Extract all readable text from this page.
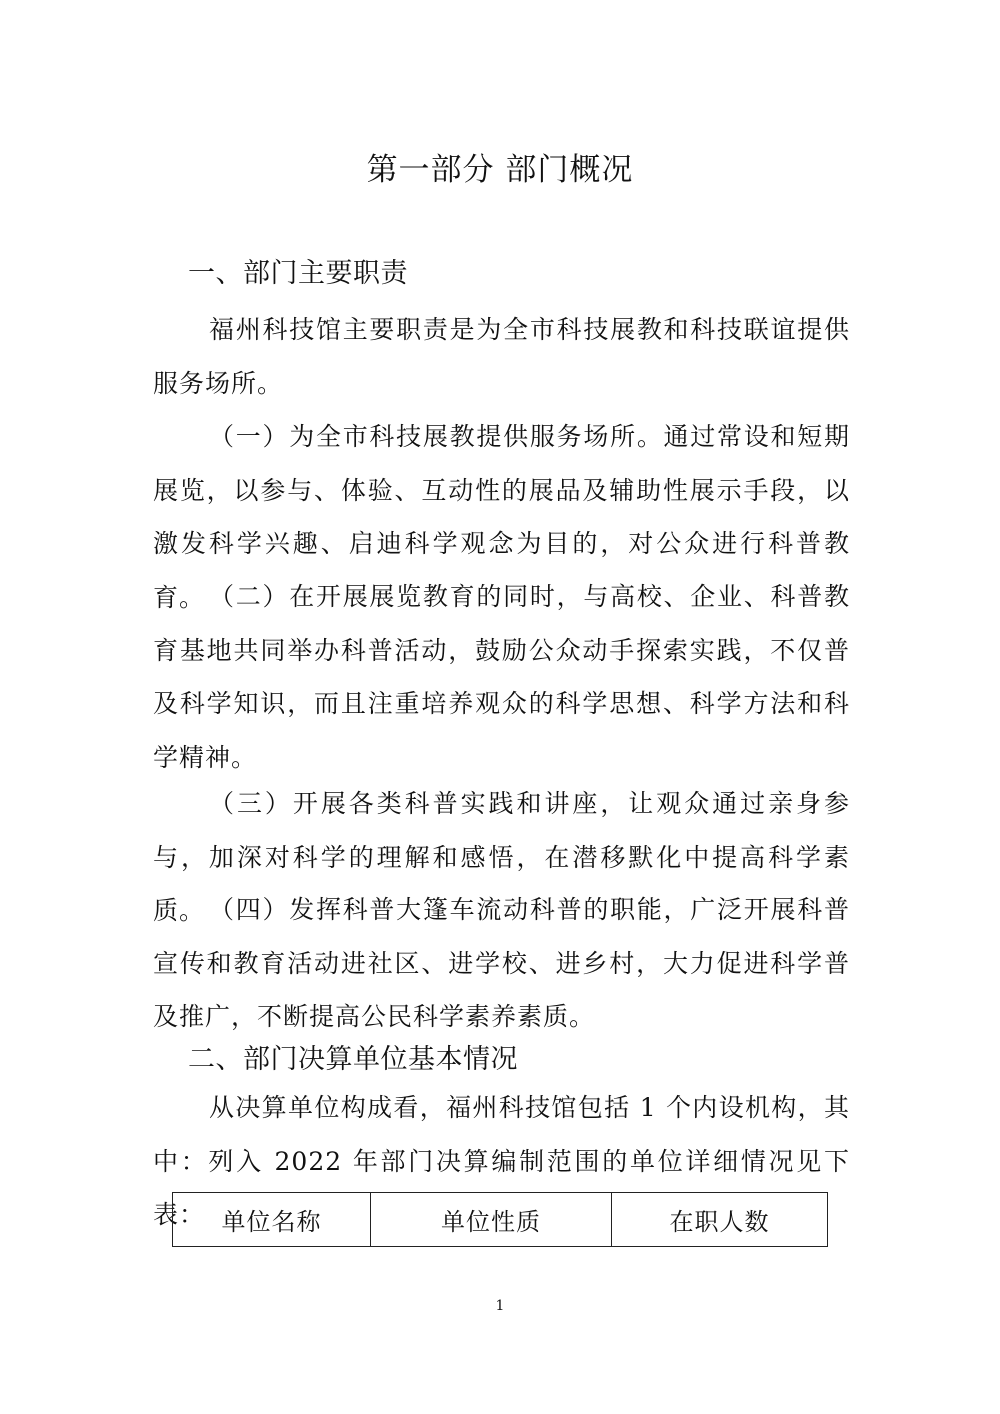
第一部分 部门概况
一、部门主要职责

福州科技馆主要职责是为全市科技展教和科技联谊提供服务场所。

（一）为全市科技展教提供服务场所。通过常设和短期展览，以参与、体验、互动性的展品及辅助性展示手段，以激发科学兴趣、启迪科学观念为目的，对公众进行科普教育。 （二）在开展展览教育的同时，与高校、企业、科普教育基地共同举办科普活动，鼓励公众动手探索实践，不仅普及科学知识，而且注重培养观众的科学思想、科学方法和科学精神。

（三）开展各类科普实践和讲座，让观众通过亲身参与，加深对科学的理解和感悟，在潜移默化中提高科学素质。 （四）发挥科普大篷车流动科普的职能，广泛开展科普宣传和教育活动进社区、进学校、进乡村，大力促进科学普及推广，不断提高公民科学素养素质。

二、部门决算单位基本情况

从决算单位构成看，福州科技馆包括 1 个内设机构，其中：列入 2022 年部门决算编制范围的单位详细情况见下表： 单位名称	单位性质	在职人数
1
